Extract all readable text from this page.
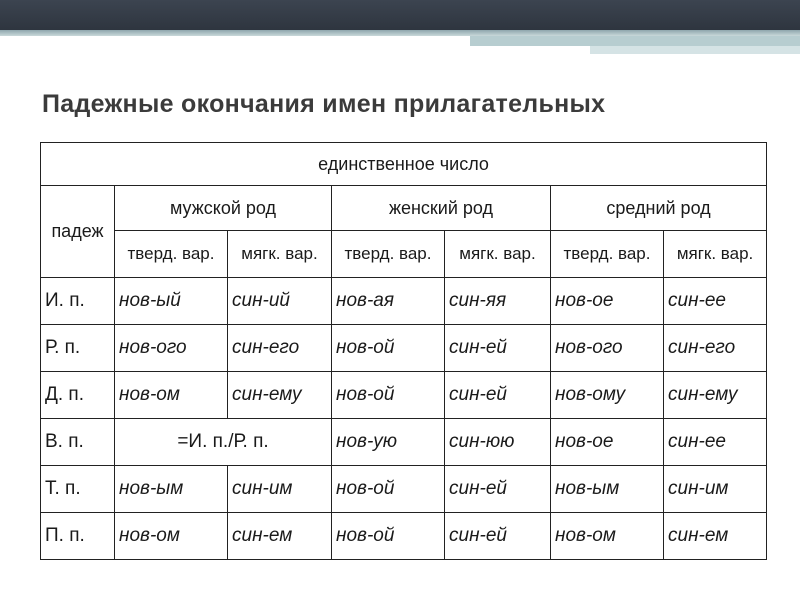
Падежные окончания имен прилагательных
единственное число						
падеж	мужской род		женский род		средний род	
	тверд. вар.	мягк. вар.	тверд. вар.	мягк. вар.	тверд. вар.	мягк. вар.
И. п.	нов-ый	син-ий	нов-ая	син-яя	нов-ое	син-ее
Р. п.	нов-ого	син-его	нов-ой	син-ей	нов-ого	син-его
Д. п.	нов-ом	син-ему	нов-ой	син-ей	нов-ому	син-ему
В. п.	=И. п./Р. п.		нов-ую	син-юю	нов-ое	син-ее
Т. п.	нов-ым	син-им	нов-ой	син-ей	нов-ым	син-им
П. п.	нов-ом	син-ем	нов-ой	син-ей	нов-ом	син-ем
